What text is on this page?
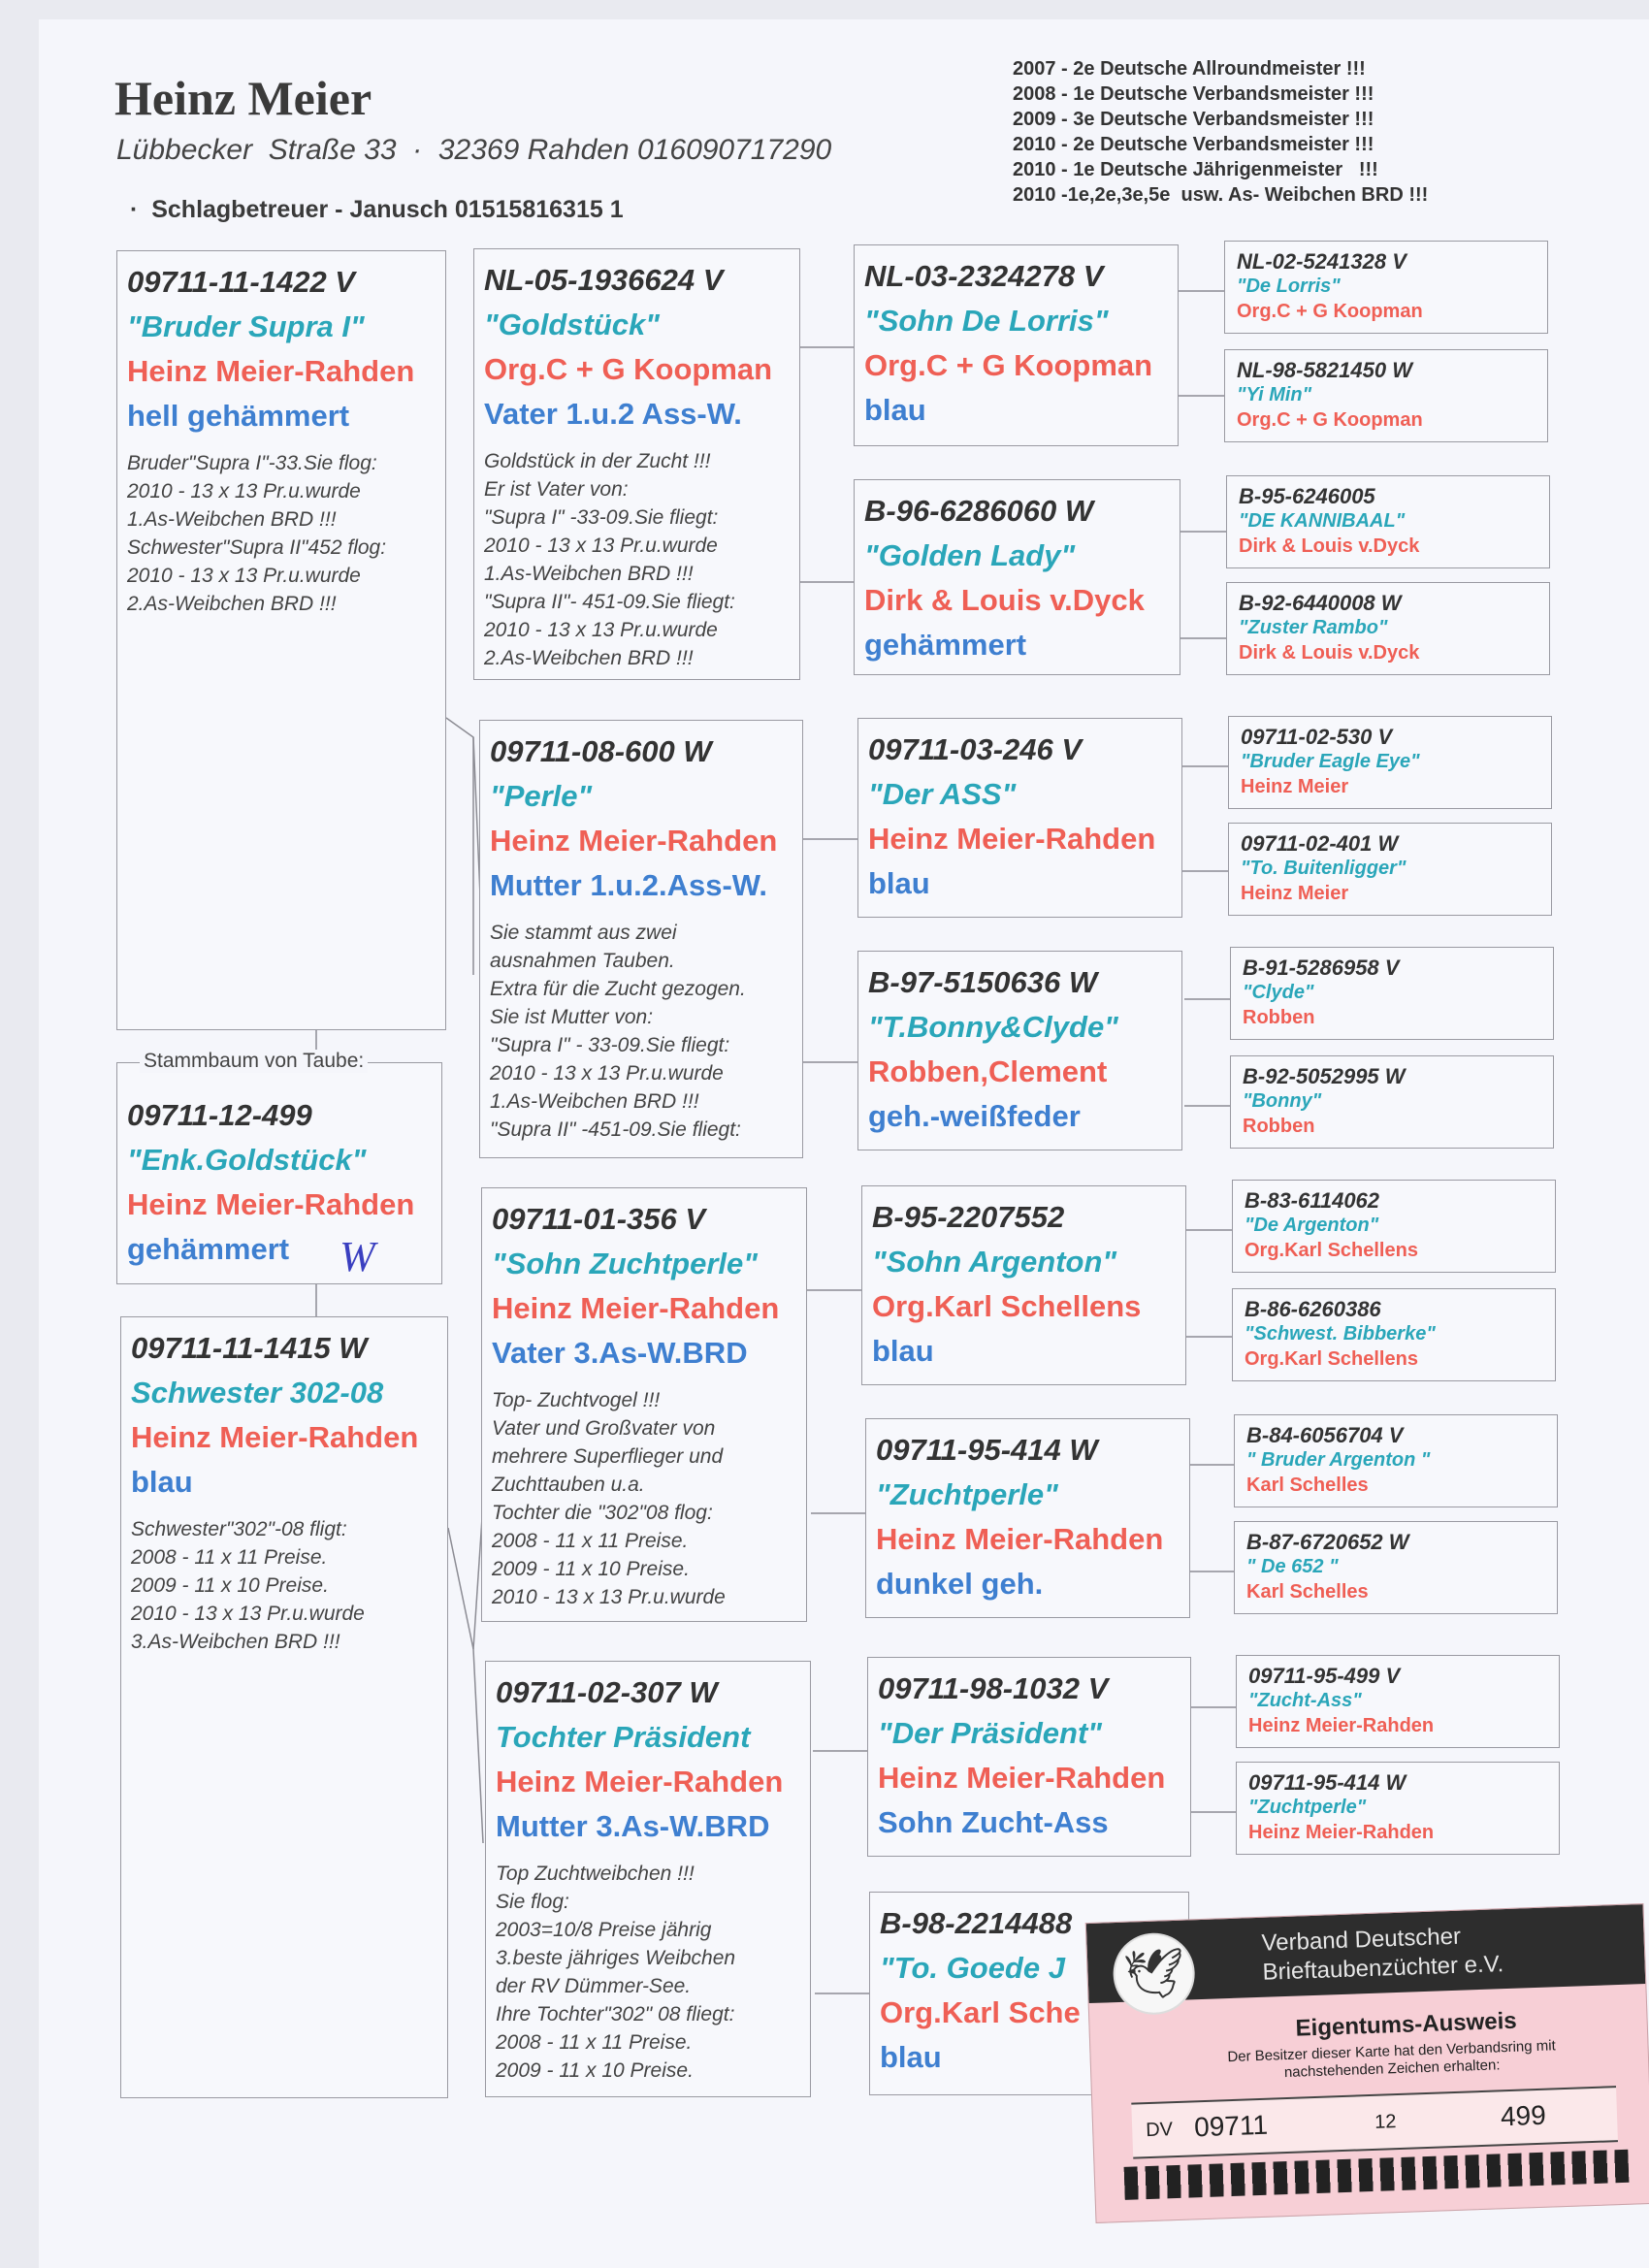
Heinz Meier
Lübbecker  Straße 33  ·  32369 Rahden 016090717290
·  Schlagbetreuer - Janusch 01515816315 1
2007 - 2e Deutsche Allroundmeister !!!
2008 - 1e Deutsche Verbandsmeister !!!
2009 - 3e Deutsche Verbandsmeister !!!
2010 - 2e Deutsche Verbandsmeister !!!
2010 - 1e Deutsche Jährigenmeister   !!!
2010 -1e,2e,3e,5e  usw. As- Weibchen BRD !!!
09711-11-1422 V
"Bruder Supra I"
Heinz Meier-Rahden
hell gehämmert
Bruder"Supra I"-33.Sie flog:
2010 - 13 x 13 Pr.u.wurde
1.As-Weibchen BRD !!!
Schwester"Supra II"452 flog:
2010 - 13 x 13 Pr.u.wurde
2.As-Weibchen BRD !!!
09711-12-499
"Enk.Goldstück"
Heinz Meier-Rahden
gehämmert
Stammbaum von Taube:
W
09711-11-1415 W
Schwester 302-08
Heinz Meier-Rahden
blau
Schwester"302"-08 fligt:
2008 - 11 x 11 Preise.
2009 - 11 x 10 Preise.
2010 - 13 x 13 Pr.u.wurde
3.As-Weibchen BRD !!!
NL-05-1936624 V
"Goldstück"
Org.C + G Koopman
Vater 1.u.2 Ass-W.
Goldstück in der Zucht !!!
Er ist Vater von:
"Supra I" -33-09.Sie fliegt:
2010 - 13 x 13 Pr.u.wurde
1.As-Weibchen BRD !!!
"Supra II"- 451-09.Sie fliegt:
2010 - 13 x 13 Pr.u.wurde
2.As-Weibchen BRD !!!
09711-08-600 W
"Perle"
Heinz Meier-Rahden
Mutter 1.u.2.Ass-W.
Sie stammt aus zwei
ausnahmen Tauben.
Extra für die Zucht gezogen.
Sie ist Mutter von:
"Supra I" - 33-09.Sie fliegt:
2010 - 13 x 13 Pr.u.wurde
1.As-Weibchen BRD !!!
"Supra II" -451-09.Sie fliegt:
09711-01-356 V
"Sohn Zuchtperle"
Heinz Meier-Rahden
Vater 3.As-W.BRD
Top- Zuchtvogel !!!
Vater und Großvater von
mehrere Superflieger und
Zuchttauben u.a.
Tochter die "302"08 flog:
2008 - 11 x 11 Preise.
2009 - 11 x 10 Preise.
2010 - 13 x 13 Pr.u.wurde
09711-02-307 W
Tochter Präsident
Heinz Meier-Rahden
Mutter 3.As-W.BRD
Top Zuchtweibchen !!!
Sie flog:
2003=10/8 Preise jährig
3.beste jähriges Weibchen
der RV Dümmer-See.
Ihre Tochter"302" 08 fliegt:
2008 - 11 x 11 Preise.
2009 - 11 x 10 Preise.
NL-03-2324278 V
"Sohn De Lorris"
Org.C + G Koopman
blau
B-96-6286060 W
"Golden Lady"
Dirk & Louis v.Dyck
gehämmert
09711-03-246 V
"Der ASS"
Heinz Meier-Rahden
blau
B-97-5150636 W
"T.Bonny&Clyde"
Robben,Clement
geh.-weißfeder
B-95-2207552
"Sohn Argenton"
Org.Karl Schellens
blau
09711-95-414 W
"Zuchtperle"
Heinz Meier-Rahden
dunkel geh.
09711-98-1032 V
"Der Präsident"
Heinz Meier-Rahden
Sohn Zucht-Ass
B-98-2214488
"To. Goede J
Org.Karl Sche
blau
NL-02-5241328 V
"De Lorris"
Org.C + G Koopman
NL-98-5821450 W
"Yi Min"
Org.C + G Koopman
B-95-6246005
"DE KANNIBAAL"
Dirk & Louis v.Dyck
B-92-6440008 W
"Zuster Rambo"
Dirk & Louis v.Dyck
09711-02-530 V
"Bruder Eagle Eye"
Heinz Meier
09711-02-401 W
"To. Buitenligger"
Heinz Meier
B-91-5286958 V
"Clyde"
Robben
B-92-5052995 W
"Bonny"
Robben
B-83-6114062
"De Argenton"
Org.Karl Schellens
B-86-6260386
"Schwest. Bibberke"
Org.Karl Schellens
B-84-6056704 V
" Bruder Argenton "
Karl Schelles
B-87-6720652 W
" De 652 "
Karl Schelles
09711-95-499 V
"Zucht-Ass"
Heinz Meier-Rahden
09711-95-414 W
"Zuchtperle"
Heinz Meier-Rahden
🕊
Verband Deutscher
Brieftaubenzüchter e.V.
Eigentums-Ausweis
Der Besitzer dieser Karte hat den Verbandsring mit nachstehenden Zeichen erhalten:
DV 09711	12	499
